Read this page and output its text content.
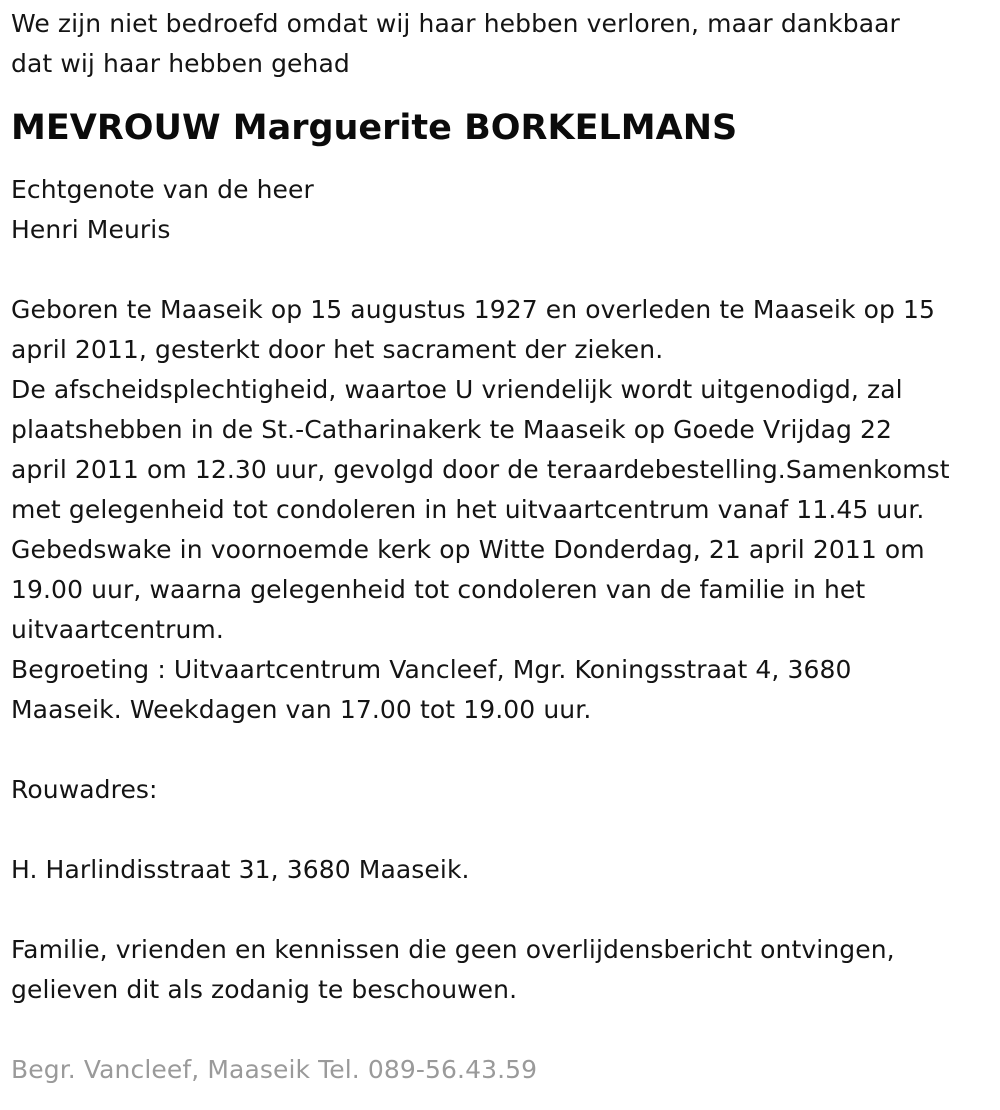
We zijn niet bedroefd omdat wij haar hebben verloren, maar dankbaar
dat wij haar hebben gehad
MEVROUW Marguerite BORKELMANS
Echtgenote van de heer
Henri Meuris
Geboren te Maaseik op 15 augustus 1927 en overleden te Maaseik op 15
april 2011, gesterkt door het sacrament der zieken.
De afscheidsplechtigheid, waartoe U vriendelijk wordt uitgenodigd, zal
plaatshebben in de St.-Catharinakerk te Maaseik op Goede Vrijdag 22
april 2011 om 12.30 uur, gevolgd door de teraardebestelling.Samenkomst
met gelegenheid tot condoleren in het uitvaartcentrum vanaf 11.45 uur.
Gebedswake in voornoemde kerk op Witte Donderdag, 21 april 2011 om
19.00 uur, waarna gelegenheid tot condoleren van de familie in het
uitvaartcentrum.
Begroeting : Uitvaartcentrum Vancleef, Mgr. Koningsstraat 4, 3680
Maaseik. Weekdagen van 17.00 tot 19.00 uur.
Rouwadres:
H. Harlindisstraat 31, 3680 Maaseik.
Familie, vrienden en kennissen die geen overlijdensbericht ontvingen,
gelieven dit als zodanig te beschouwen.
Begr. Vancleef, Maaseik Tel. 089-56.43.59
